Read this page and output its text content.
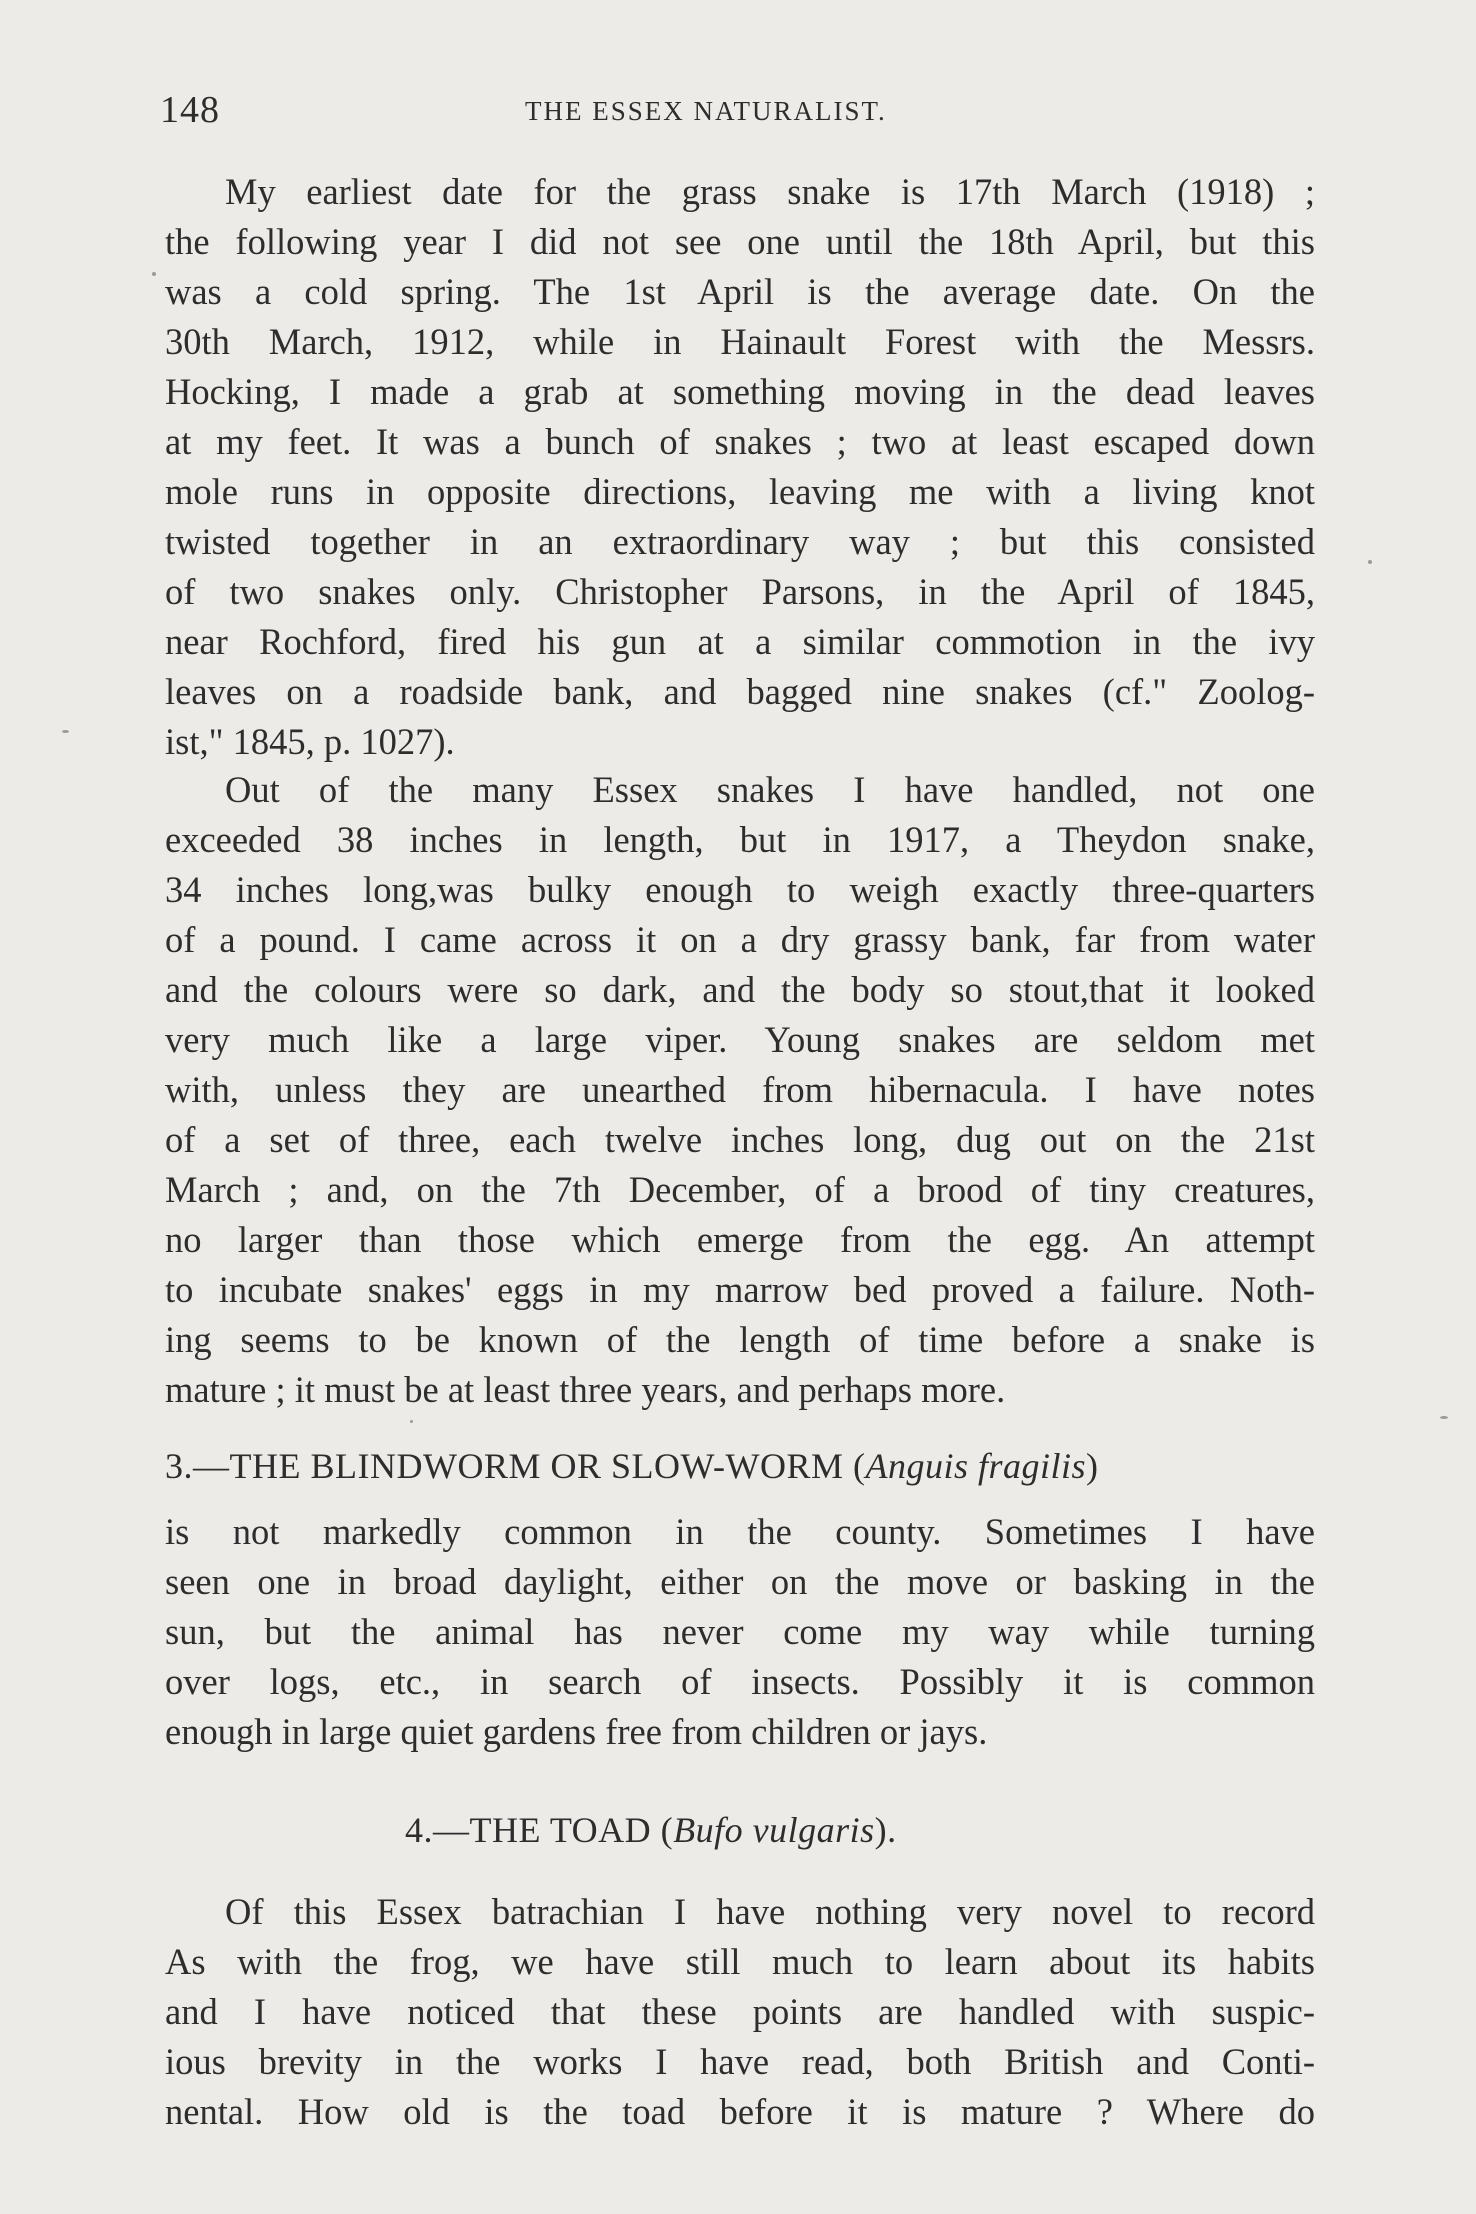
148	THE ESSEX NATURALIST.
My earliest date for the grass snake is 17th March (1918) ;
the following year I did not see one until the 18th April, but this
was a cold spring. The 1st April is the average date. On the
30th March, 1912, while in Hainault Forest with the Messrs.
Hocking, I made a grab at something moving in the dead leaves
at my feet. It was a bunch of snakes ; two at least escaped down
mole runs in opposite directions, leaving me with a living knot
twisted together in an extraordinary way ; but this consisted
of two snakes only. Christopher Parsons, in the April of 1845,
near Rochford, fired his gun at a similar commotion in the ivy
leaves on a roadside bank, and bagged nine snakes (cf." Zoolog-
ist," 1845, p. 1027).
Out of the many Essex snakes I have handled, not one
exceeded 38 inches in length, but in 1917, a Theydon snake,
34 inches long,was bulky enough to weigh exactly three-quarters
of a pound. I came across it on a dry grassy bank, far from water
and the colours were so dark, and the body so stout,that it looked
very much like a large viper. Young snakes are seldom met
with, unless they are unearthed from hibernacula. I have notes
of a set of three, each twelve inches long, dug out on the 21st
March ; and, on the 7th December, of a brood of tiny creatures,
no larger than those which emerge from the egg. An attempt
to incubate snakes' eggs in my marrow bed proved a failure. Noth-
ing seems to be known of the length of time before a snake is
mature ; it must be at least three years, and perhaps more.
3.—THE BLINDWORM OR SLOW-WORM (Anguis fragilis)
is not markedly common in the county. Sometimes I have
seen one in broad daylight, either on the move or basking in the
sun, but the animal has never come my way while turning
over logs, etc., in search of insects. Possibly it is common
enough in large quiet gardens free from children or jays.
4.—THE TOAD (Bufo vulgaris).
Of this Essex batrachian I have nothing very novel to record
As with the frog, we have still much to learn about its habits
and I have noticed that these points are handled with suspic-
ious brevity in the works I have read, both British and Conti-
nental. How old is the toad before it is mature ? Where do
